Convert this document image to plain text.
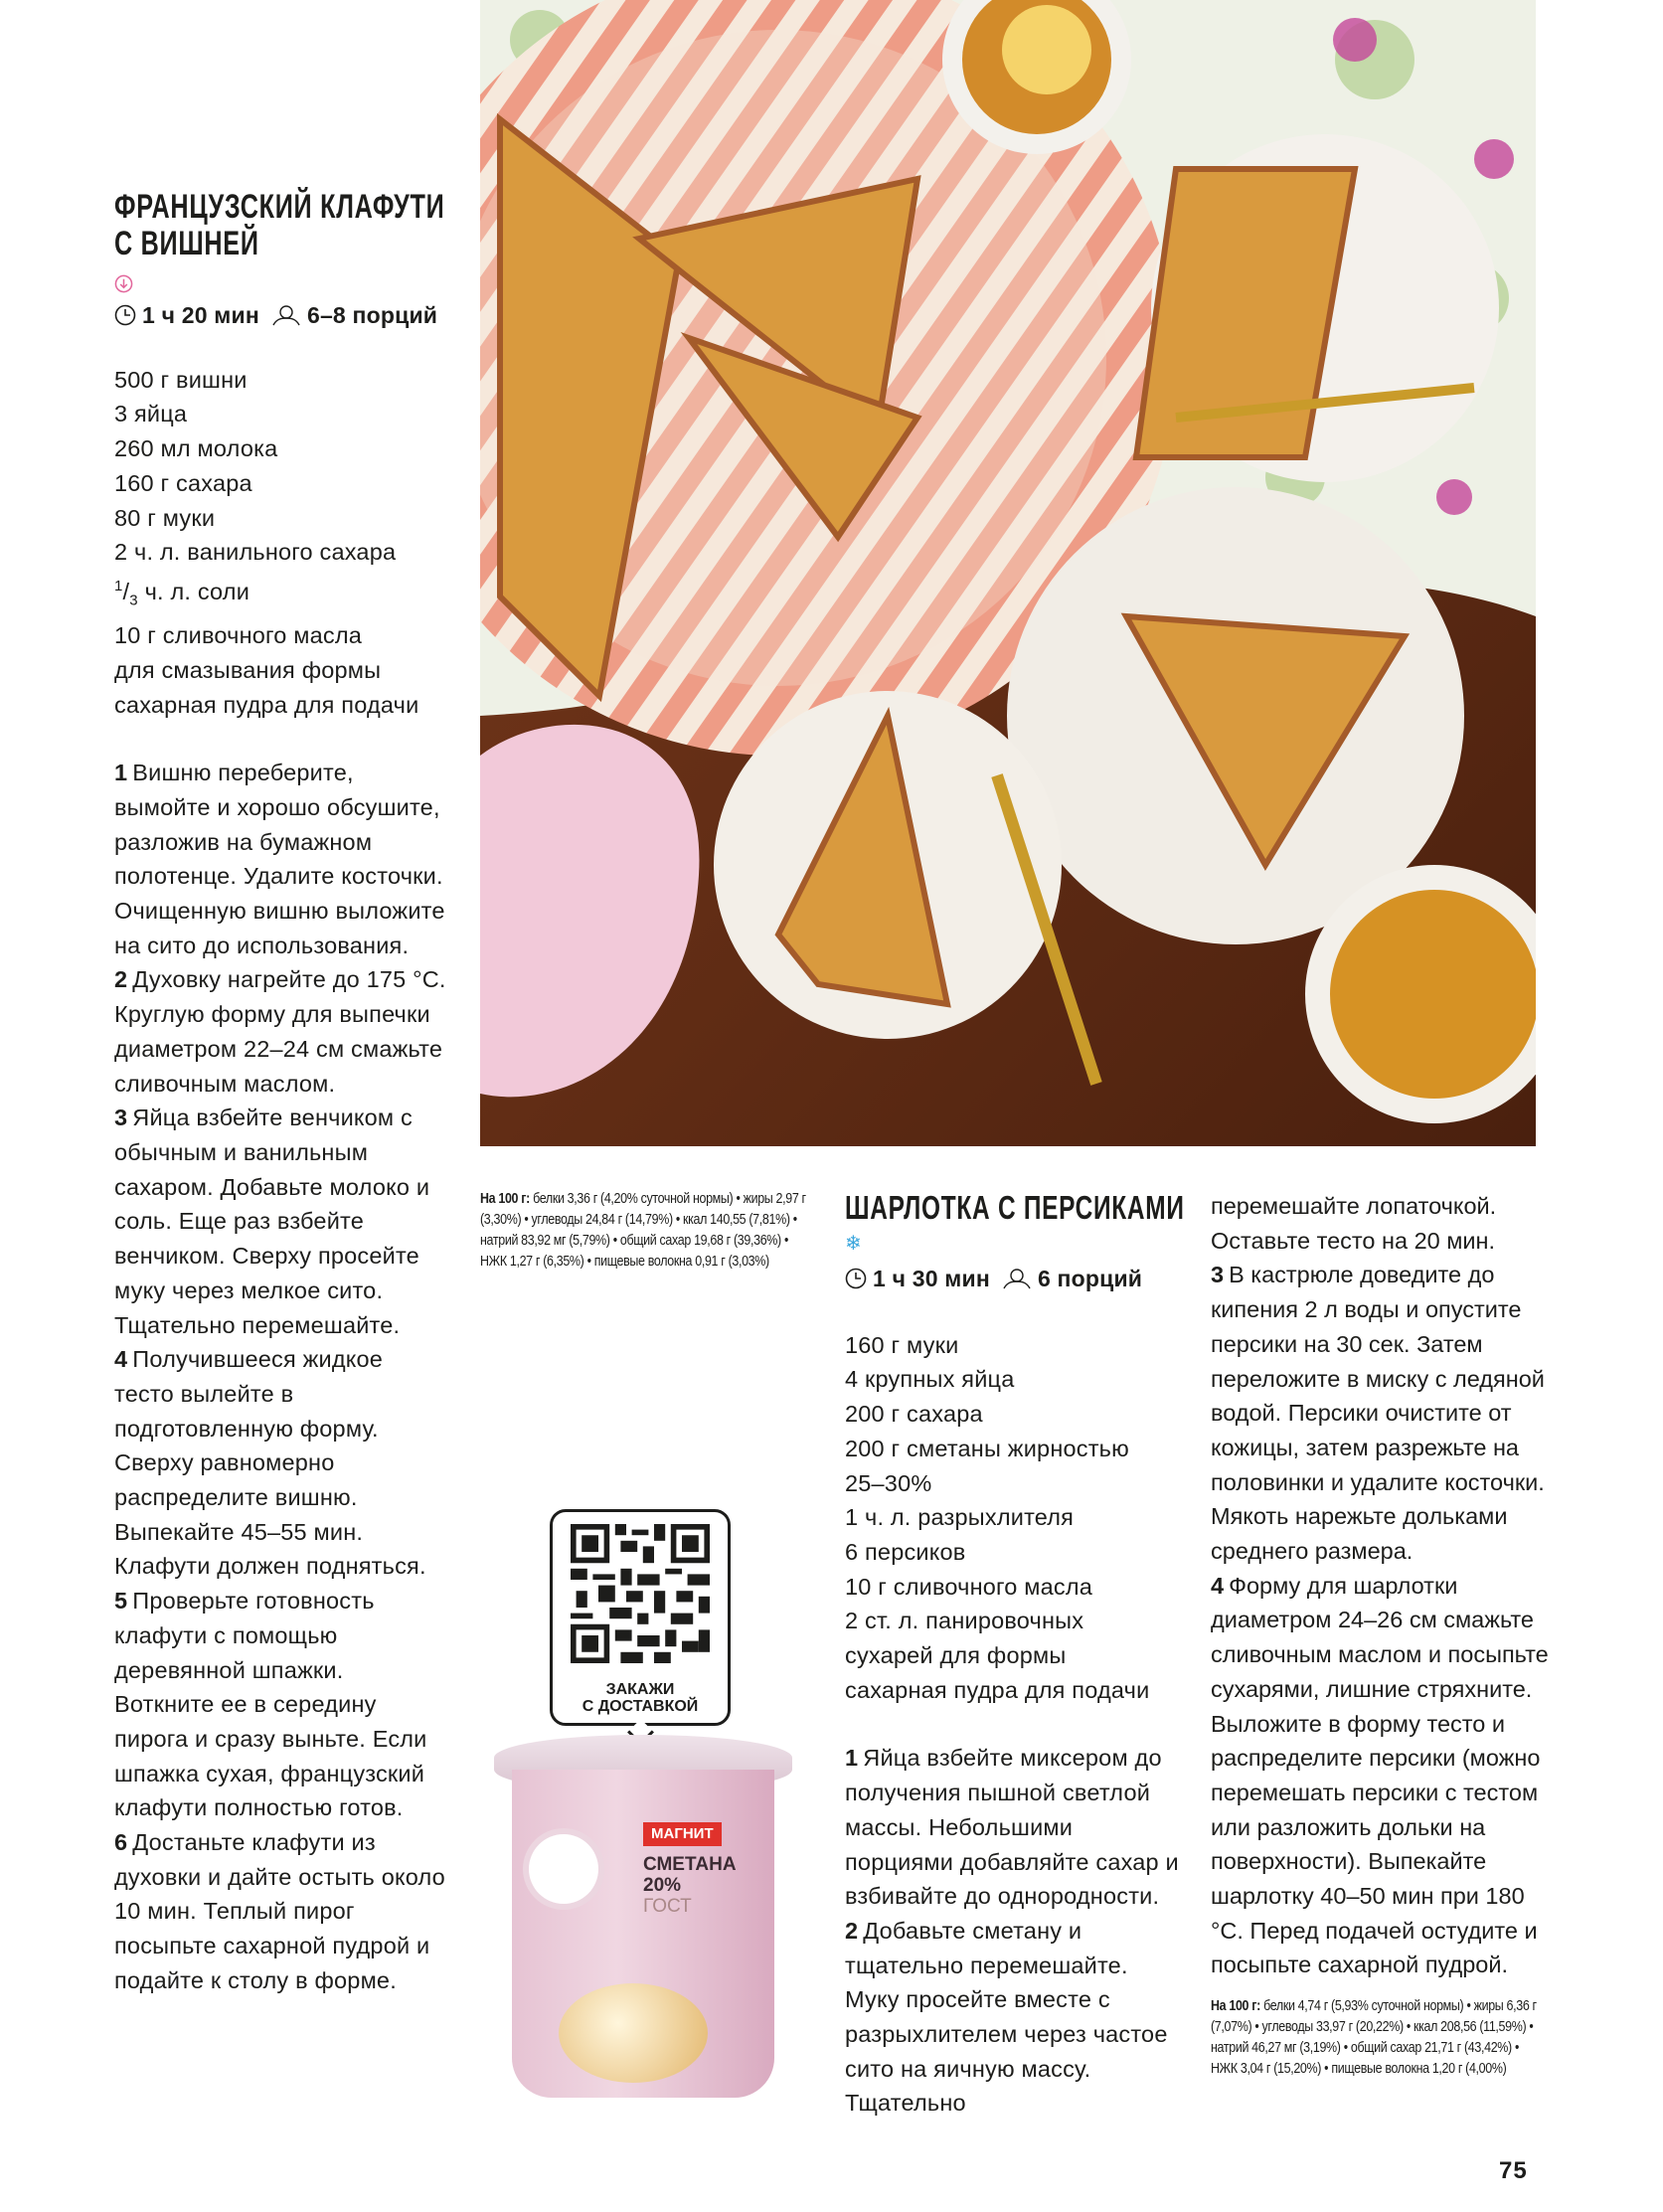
ФРАНЦУЗСКИЙ КЛАФУТИ
С ВИШНЕЙ
1 ч 20 мин 6–8 порций
500 г вишни
3 яйца
260 мл молока
160 г сахара
80 г муки
2 ч. л. ванильного сахара
$^1/_3$ ч. л. соли
10 г сливочного масла
для смазывания формы
сахарная пудра для подачи

1 Вишню переберите, вымойте и хорошо обсушите, разложив на бумажном полотенце. Удалите косточки. Очищенную вишню выложите на сито до использования.

2 Духовку нагрейте до 175 °C. Круглую форму для выпечки диаметром 22–24 см смажьте сливочным маслом.

3 Яйца взбейте венчиком с обычным и ванильным сахаром. Добавьте молоко и соль. Еще раз взбейте венчиком. Сверху просейте муку через мелкое сито. Тщательно перемешайте.

4 Получившееся жидкое тесто вылейте в подготовленную форму. Сверху равномерно распределите вишню. Выпекайте 45–55 мин. Клафути должен подняться.

5 Проверьте готовность клафути с помощью деревянной шпажки. Воткните ее в середину пирога и сразу выньте. Если шпажка сухая, французский клафути полностью готов.

6 Достаньте клафути из духовки и дайте остыть около 10 мин. Теплый пирог посыпьте сахарной пудрой и подайте к столу в форме.

На 100 г: белки 3,36 г (4,20% суточной нормы) • жиры 2,97 г (3,30%) • углеводы 24,84 г (14,79%) • ккал 140,55 (7,81%) • натрий 83,92 мг (5,79%) • общий сахар 19,68 г (39,36%) • НЖК 1,27 г (6,35%) • пищевые волокна 0,91 г (3,03%)
ЗАКАЖИ
С ДОСТАВКОЙ
МАГНИТ
СМЕТАНА
20%
ГОСТ
ШАРЛОТКА С ПЕРСИКАМИ
❄
1 ч 30 мин 6 порций
160 г муки
4 крупных яйца
200 г сахара
200 г сметаны жирностью 25–30%
1 ч. л. разрыхлителя
6 персиков
10 г сливочного масла
2 ст. л. панировочных сухарей для формы
сахарная пудра для подачи

1 Яйца взбейте миксером до получения пышной светлой массы. Небольшими порциями добавляйте сахар и взбивайте до однородности.

2 Добавьте сметану и тщательно перемешайте. Муку просейте вместе с разрыхлителем через частое сито на яичную массу. Тщательно

перемешайте лопаточкой. Оставьте тесто на 20 мин.

3 В кастрюле доведите до кипения 2 л воды и опустите персики на 30 сек. Затем переложите в миску с ледяной водой. Персики очистите от кожицы, затем разрежьте на половинки и удалите косточки. Мякоть нарежьте дольками среднего размера.

4 Форму для шарлотки диаметром 24–26 см смажьте сливочным маслом и посыпьте сухарями, лишние стряхните. Выложите в форму тесто и распределите персики (можно перемешать персики с тестом или разложить дольки на поверхности). Выпекайте шарлотку 40–50 мин при 180 °C. Перед подачей остудите и посыпьте сахарной пудрой.

На 100 г: белки 4,74 г (5,93% суточной нормы) • жиры 6,36 г (7,07%) • углеводы 33,97 г (20,22%) • ккал 208,56 (11,59%) • натрий 46,27 мг (3,19%) • общий сахар 21,71 г (43,42%) • НЖК 3,04 г (15,20%) • пищевые волокна 1,20 г (4,00%)
75
